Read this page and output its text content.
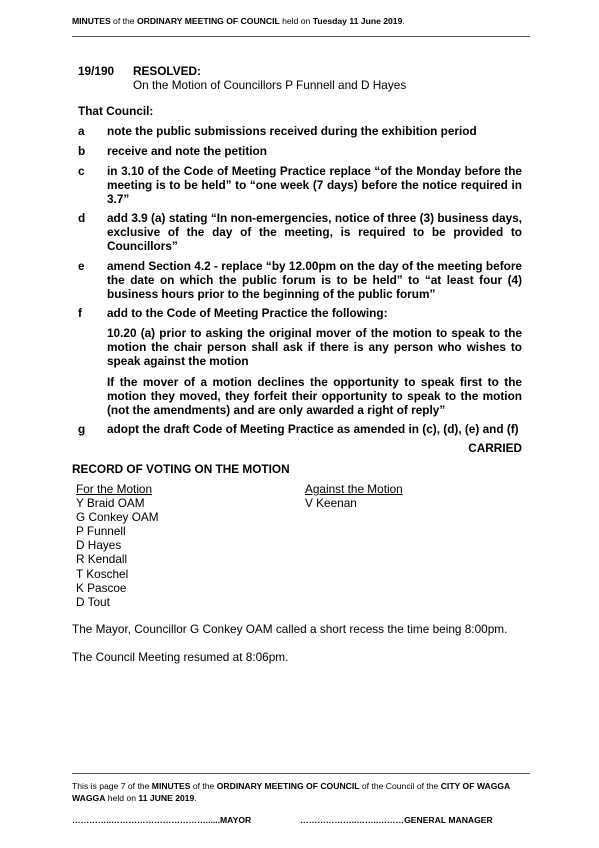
MINUTES of the ORDINARY MEETING OF COUNCIL held on Tuesday 11 June 2019.
19/190 RESOLVED:
On the Motion of Councillors P Funnell and D Hayes
That Council:
a note the public submissions received during the exhibition period
b receive and note the petition
c in 3.10 of the Code of Meeting Practice replace “of the Monday before the meeting is to be held” to “one week (7 days) before the notice required in 3.7”
d add 3.9 (a) stating “In non-emergencies, notice of three (3) business days, exclusive of the day of the meeting, is required to be provided to Councillors”
e amend Section 4.2 - replace “by 12.00pm on the day of the meeting before the date on which the public forum is to be held” to “at least four (4) business hours prior to the beginning of the public forum”
f add to the Code of Meeting Practice the following:
10.20 (a) prior to asking the original mover of the motion to speak to the motion the chair person shall ask if there is any person who wishes to speak against the motion
If the mover of a motion declines the opportunity to speak first to the motion they moved, they forfeit their opportunity to speak to the motion (not the amendments) and are only awarded a right of reply”
g adopt the draft Code of Meeting Practice as amended in (c), (d), (e) and (f)
CARRIED
RECORD OF VOTING ON THE MOTION
For the Motion
Y Braid OAM
G Conkey OAM
P Funnell
D Hayes
R Kendall
T Koschel
K Pascoe
D Tout
Against the Motion
V Keenan
The Mayor, Councillor G Conkey OAM called a short recess the time being 8:00pm.
The Council Meeting resumed at 8:06pm.
This is page 7 of the MINUTES of the ORDINARY MEETING OF COUNCIL of the Council of the CITY OF WAGGA WAGGA held on 11 JUNE 2019.
…………..……………………………......MAYOR	………………..……..………GENERAL MANAGER
